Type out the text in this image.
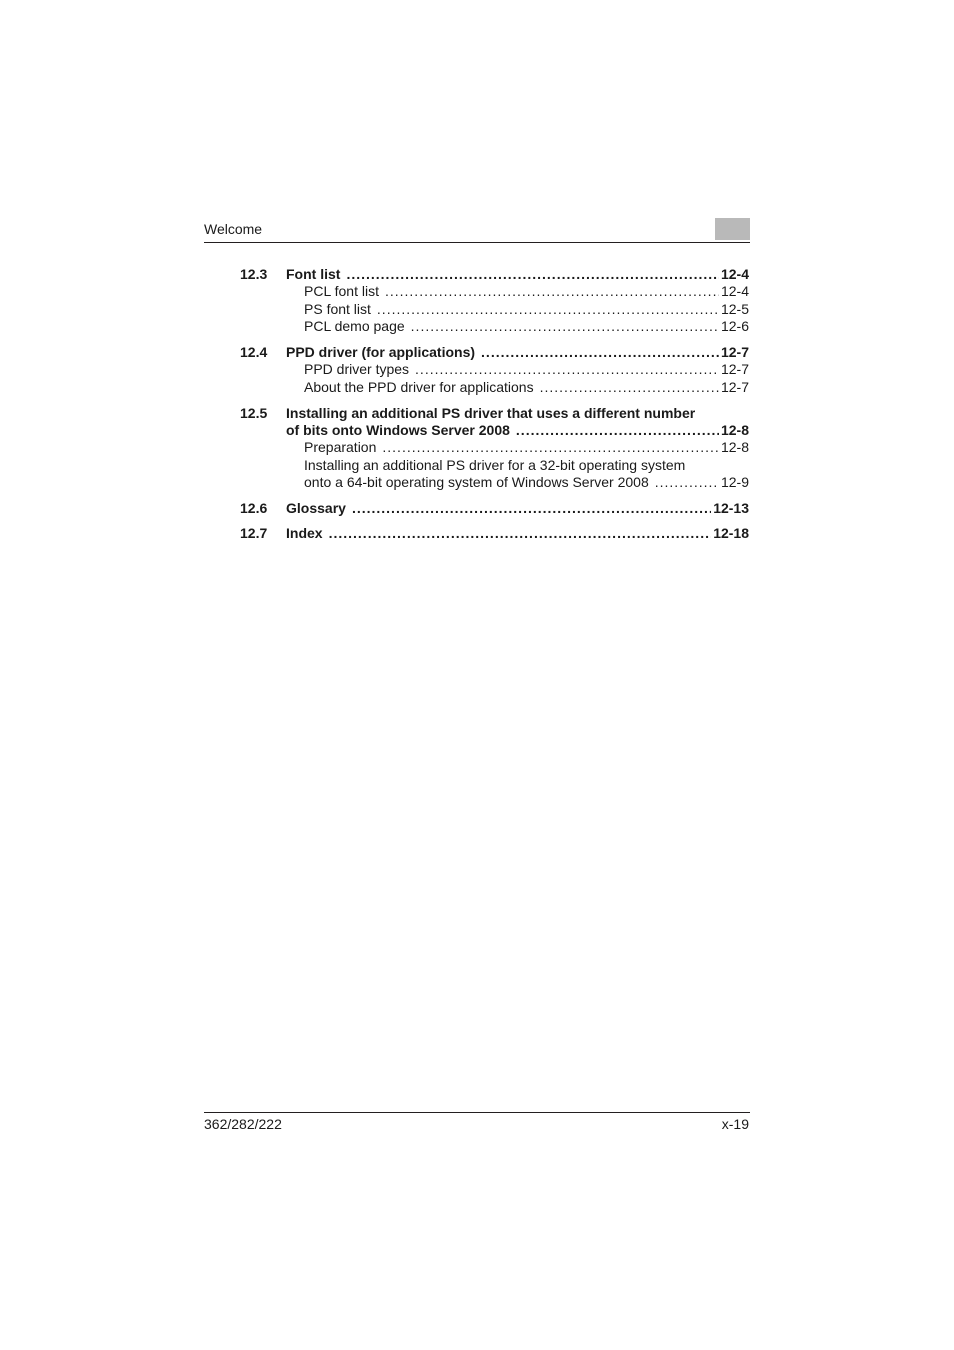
Welcome
12.3 Font list .....	12-4
PCL font list .....	12-4
PS font list .....	12-5
PCL demo page .....	12-6
12.4 PPD driver (for applications) .....	12-7
PPD driver types .....	12-7
About the PPD driver for applications .....	12-7
12.5 Installing an additional PS driver that uses a different number
of bits onto Windows Server 2008 .....	12-8
Preparation .....	12-8
Installing an additional PS driver for a 32-bit operating system
onto a 64-bit operating system of Windows Server 2008 .....	12-9
12.6 Glossary .....	12-13
12.7 Index .....	12-18
362/282/222	x-19
